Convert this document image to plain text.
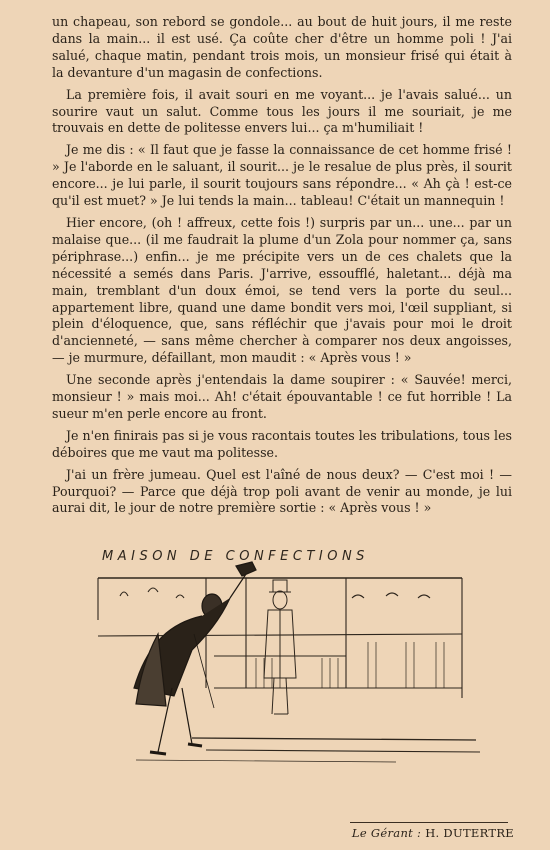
un chapeau, son rebord se gondole... au bout de huit jours, il me reste dans la main... il est usé. Ça coûte cher d'être un homme poli ! J'ai salué, chaque matin, pendant trois mois, un monsieur frisé qui était à la devanture d'un magasin de confections.

La première fois, il avait souri en me voyant... je l'avais salué... un sourire vaut un salut. Comme tous les jours il me souriait, je me trouvais en dette de politesse envers lui... ça m'humiliait !

Je me dis : « Il faut que je fasse la connaissance de cet homme frisé ! » Je l'aborde en le saluant, il sourit... je le resalue de plus près, il sourit encore... je lui parle, il sourit toujours sans répondre... « Ah çà ! est-ce qu'il est muet? » Je lui tends la main... tableau! C'était un mannequin !

Hier encore, (oh ! affreux, cette fois !) surpris par un... une... par un malaise que... (il me faudrait la plume d'un Zola pour nommer ça, sans périphrase...) enfin... je me précipite vers un de ces chalets que la nécessité a semés dans Paris. J'arrive, essoufflé, haletant... déjà ma main, tremblant d'un doux émoi, se tend vers la porte du seul... appartement libre, quand une dame bondit vers moi, l'œil suppliant, si plein d'éloquence, que, sans réfléchir que j'avais pour moi le droit d'ancienneté, — sans même chercher à comparer nos deux angoisses, — je murmure, défaillant, mon maudit : « Après vous ! »

Une seconde après j'entendais la dame soupirer : « Sauvée! merci, monsieur ! » mais moi... Ah! c'était épouvantable ! ce fut horrible ! La sueur m'en perle encore au front.

Je n'en finirais pas si je vous racontais toutes les tribulations, tous les déboires que me vaut ma politesse.

J'ai un frère jumeau. Quel est l'aîné de nous deux? — C'est moi ! — Pourquoi? — Parce que déjà trop poli avant de venir au monde, je lui aurai dit, le jour de notre première sortie : « Après vous ! »

MAISON DE CONFECTIONS
Le Gérant : H. DUTERTRE
